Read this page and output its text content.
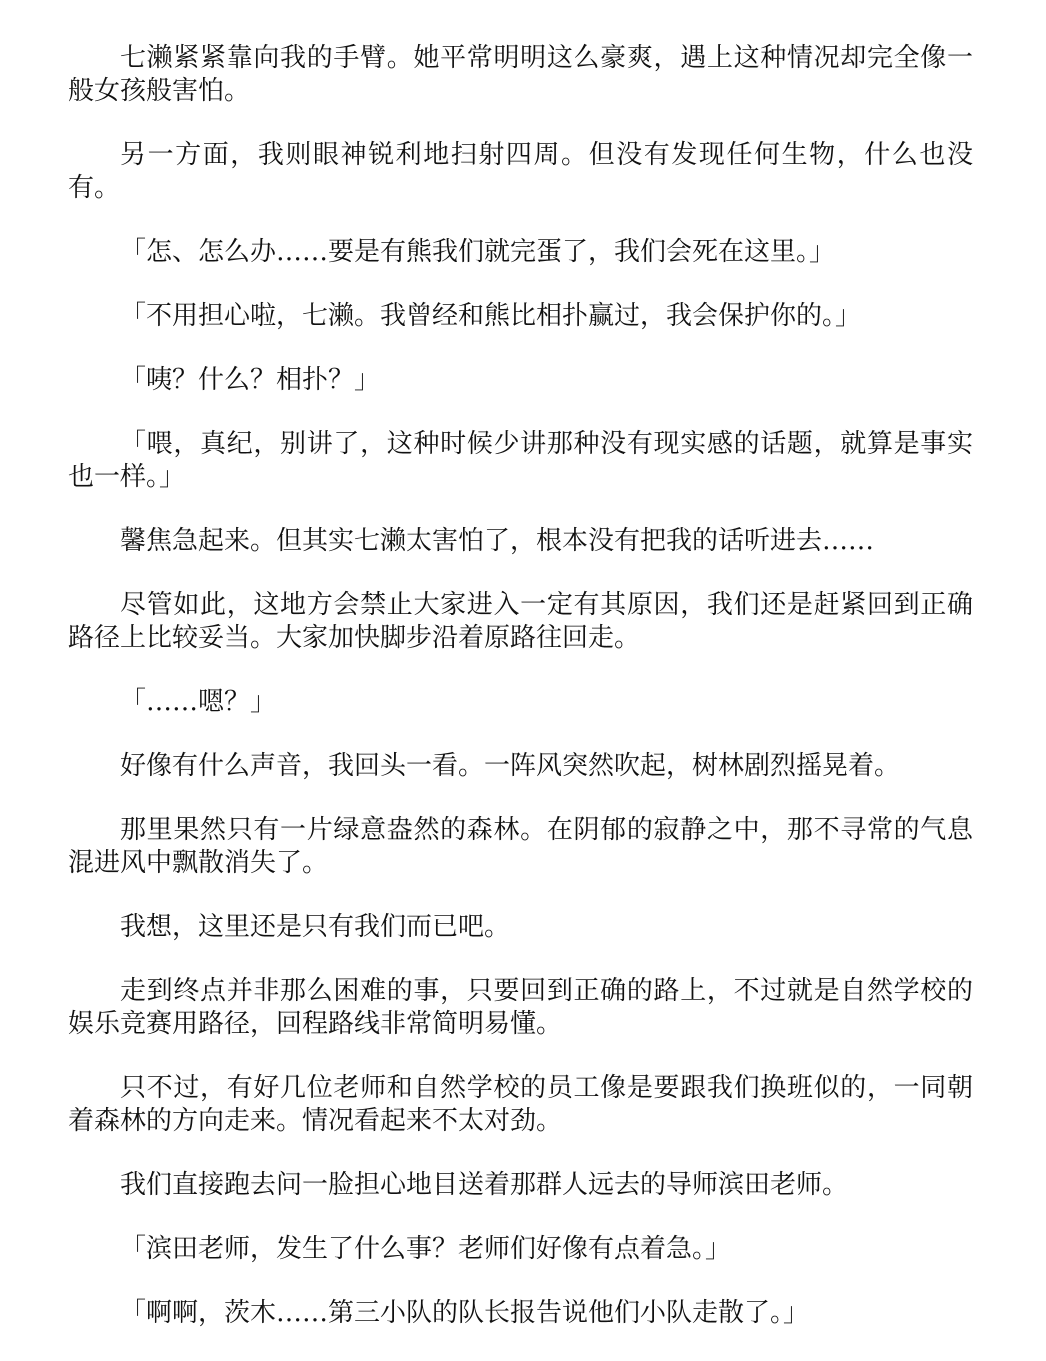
七濑紧紧靠向我的手臂。她平常明明这么豪爽，遇上这种情况却完全像一般女孩般害怕。

另一方面，我则眼神锐利地扫射四周。但没有发现任何生物，什么也没有。

「怎、怎么办……要是有熊我们就完蛋了，我们会死在这里。」

「不用担心啦，七濑。我曾经和熊比相扑赢过，我会保护你的。」

「咦？什么？相扑？」

「喂，真纪，别讲了，这种时候少讲那种没有现实感的话题，就算是事实也一样。」

馨焦急起来。但其实七濑太害怕了，根本没有把我的话听进去……

尽管如此，这地方会禁止大家进入一定有其原因，我们还是赶紧回到正确路径上比较妥当。大家加快脚步沿着原路往回走。

「……嗯？」

好像有什么声音，我回头一看。一阵风突然吹起，树林剧烈摇晃着。

那里果然只有一片绿意盎然的森林。在阴郁的寂静之中，那不寻常的气息混进风中飘散消失了。

我想，这里还是只有我们而已吧。

走到终点并非那么困难的事，只要回到正确的路上，不过就是自然学校的娱乐竞赛用路径，回程路线非常简明易懂。

只不过，有好几位老师和自然学校的员工像是要跟我们换班似的，一同朝着森林的方向走来。情况看起来不太对劲。

我们直接跑去问一脸担心地目送着那群人远去的导师滨田老师。

「滨田老师，发生了什么事？老师们好像有点着急。」

「啊啊，茨木……第三小队的队长报告说他们小队走散了。」
